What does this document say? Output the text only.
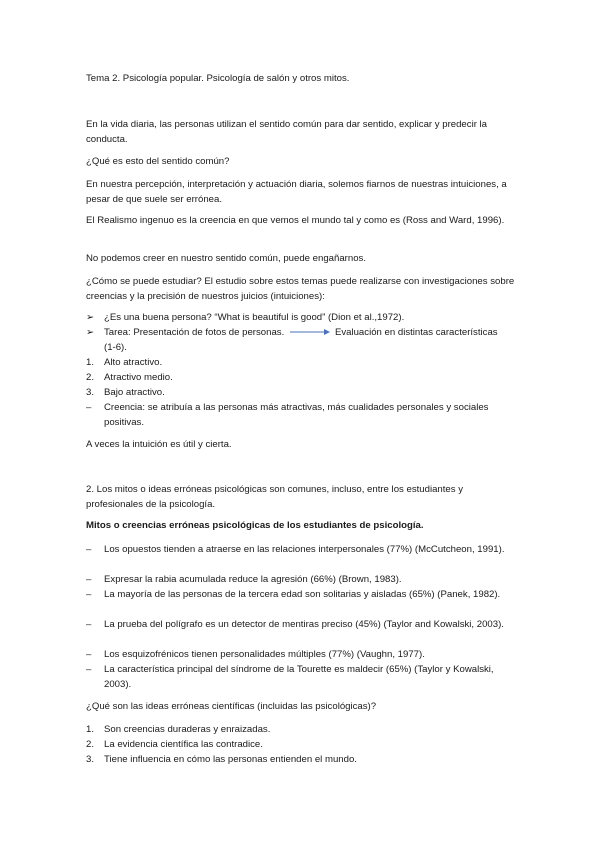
Tema 2. Psicología popular. Psicología de salón y otros mitos.

En la vida diaria, las personas utilizan el sentido común para dar sentido, explicar y predecir la conducta.

¿Qué es esto del sentido común?

En nuestra percepción, interpretación y actuación diaria, solemos fiarnos de nuestras intuiciones, a pesar de que suele ser errónea.

El Realismo ingenuo es la creencia en que vemos el mundo tal y como es (Ross and Ward, 1996).

No podemos creer en nuestro sentido común, puede engañarnos.

¿Cómo se puede estudiar? El estudio sobre estos temas puede realizarse con investigaciones sobre creencias y la precisión de nuestros juicios (intuiciones):

➢	¿Es una buena persona? “What is beautiful is good” (Dion et al.,1972).
➢	Tarea: Presentación de fotos de personas.	Evaluación en distintas características
(1-6).
1.	Alto atractivo.
2.	Atractivo medio.
3.	Bajo atractivo.
–	Creencia: se atribuía a las personas más atractivas, más cualidades personales y sociales positivas.

A veces la intuición es útil y cierta.

2. Los mitos o ideas erróneas psicológicas son comunes, incluso, entre los estudiantes y profesionales de la psicología.

Mitos o creencias erróneas psicológicas de los estudiantes de psicología.

–	Los opuestos tienden a atraerse en las relaciones interpersonales (77%) (McCutcheon, 1991).
–	Expresar la rabia acumulada reduce la agresión (66%) (Brown, 1983).
–	La mayoría de las personas de la tercera edad son solitarias y aisladas (65%) (Panek, 1982).
–	La prueba del polígrafo es un detector de mentiras preciso (45%) (Taylor and Kowalski, 2003).
–	Los esquizofrénicos tienen personalidades múltiples (77%) (Vaughn, 1977).
–	La característica principal del síndrome de la Tourette es maldecir (65%) (Taylor y Kowalski, 2003).

¿Qué son las ideas erróneas científicas (incluidas las psicológicas)?

1.	Son creencias duraderas y enraizadas.
2.	La evidencia científica las contradice.
3.	Tiene influencia en cómo las personas entienden el mundo.
